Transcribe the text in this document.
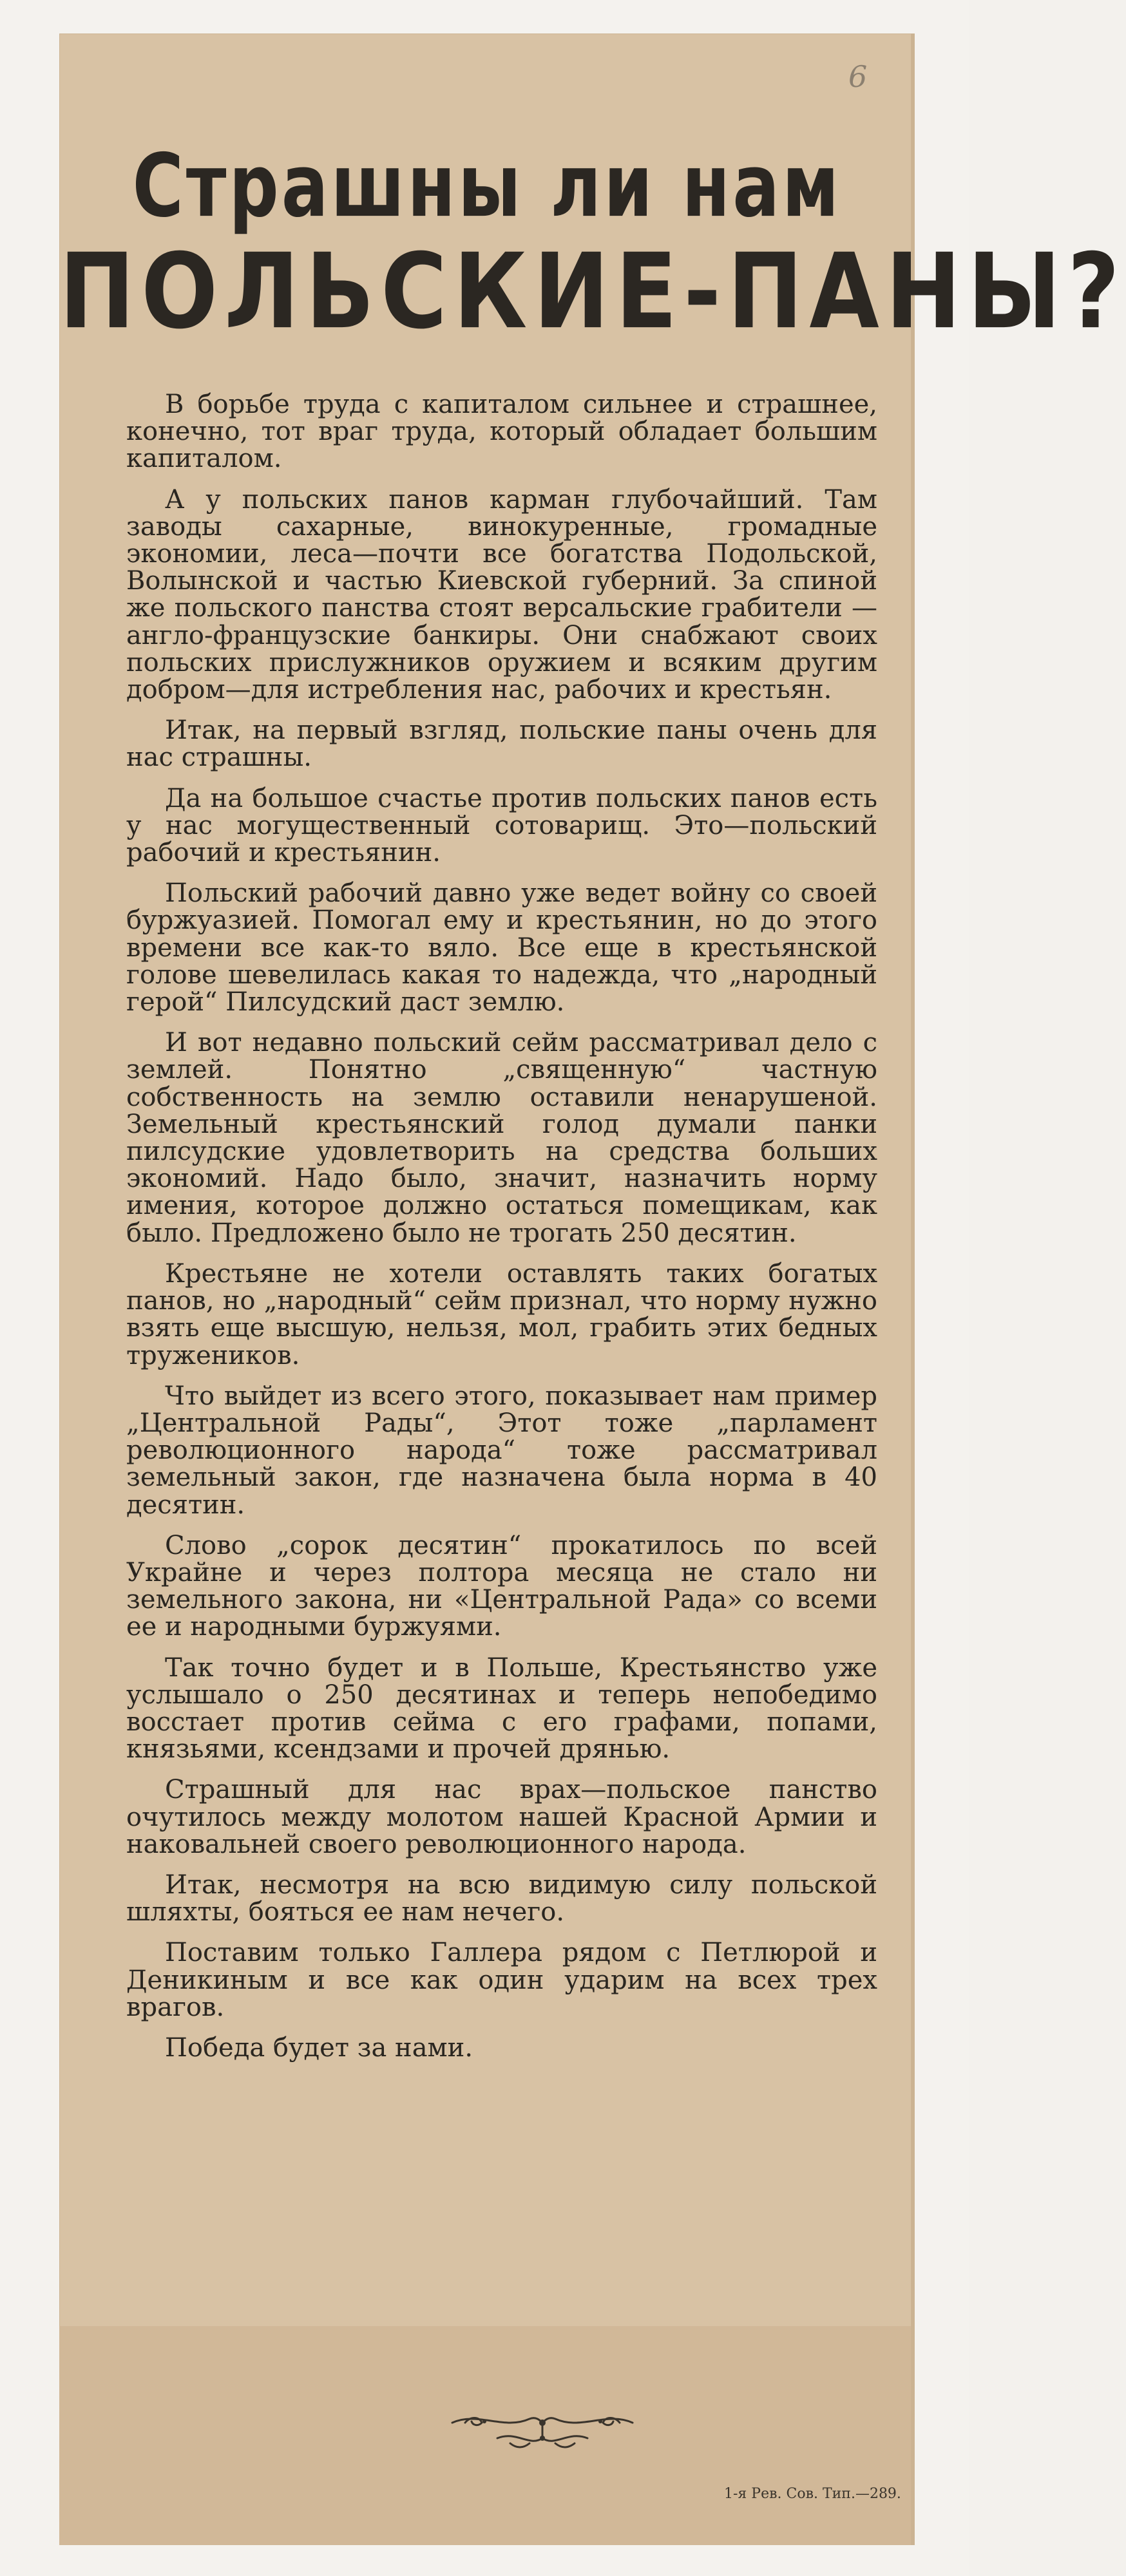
6

Страшны ли нам
ПОЛЬСКИЕ-ПАНЫ?

В борьбе труда с капиталом сильнее и страшнее, конечно, тот враг труда, который обладает большим капиталом.

А у польских панов карман глубочайший. Там заводы сахарные, винокуренные, громадные экономии, леса—почти все богатства Подольской, Волынской и частью Киевской губерний. За спиной же польского панства стоят версальские грабители — англо-французские банкиры. Они снабжают своих польских прислужников оружием и всяким другим добром—для истребления нас, рабочих и крестьян.

Итак, на первый взгляд, польские паны очень для нас страшны.

Да на большое счастье против польских панов есть у нас могущественный сотоварищ. Это—польский рабочий и крестьянин.

Польский рабочий давно уже ведет войну со своей буржуазией. Помогал ему и крестьянин, но до этого времени все как-то вяло. Все еще в крестьянской голове шевелилась какая то надежда, что „народный герой“ Пилсудский даст землю.

И вот недавно польский сейм рассматривал дело с землей. Понятно „священную“ частную собственность на землю оставили ненарушеной. Земельный крестьянский голод думали панки пилсудские удовлетворить на средства больших экономий. Надо было, значит, назначить норму имения, которое должно остаться помещикам, как было. Предложено было не трогать 250 десятин.

Крестьяне не хотели оставлять таких богатых панов, но „народный“ сейм признал, что норму нужно взять еще высшую, нельзя, мол, грабить этих бедных тружеников.

Что выйдет из всего этого, показывает нам пример „Центральной Рады“, Этот тоже „парламент революционного народа“ тоже рассматривал земельный закон, где назначена была норма в 40 десятин.

Слово „сорок десятин“ прокатилось по всей Украйне и через полтора месяца не стало ни земельного закона, ни «Центральной Рада» со всеми ее и народными буржуями.

Так точно будет и в Польше, Крестьянство уже услышало о 250 десятинах и теперь непобедимо восстает против сейма с его графами, попами, князьями, ксендзами и прочей дрянью.

Страшный для нас врах—польское панство очутилось между молотом нашей Красной Армии и наковальней своего революционного народа.

Итак, несмотря на всю видимую силу польской шляхты, бояться ее нам нечего.

Поставим только Галлера рядом с Петлюрой и Деникиным и все как один ударим на всех трех врагов.

Победа будет за нами.

1-я Рев. Сов. Тип.—289.
